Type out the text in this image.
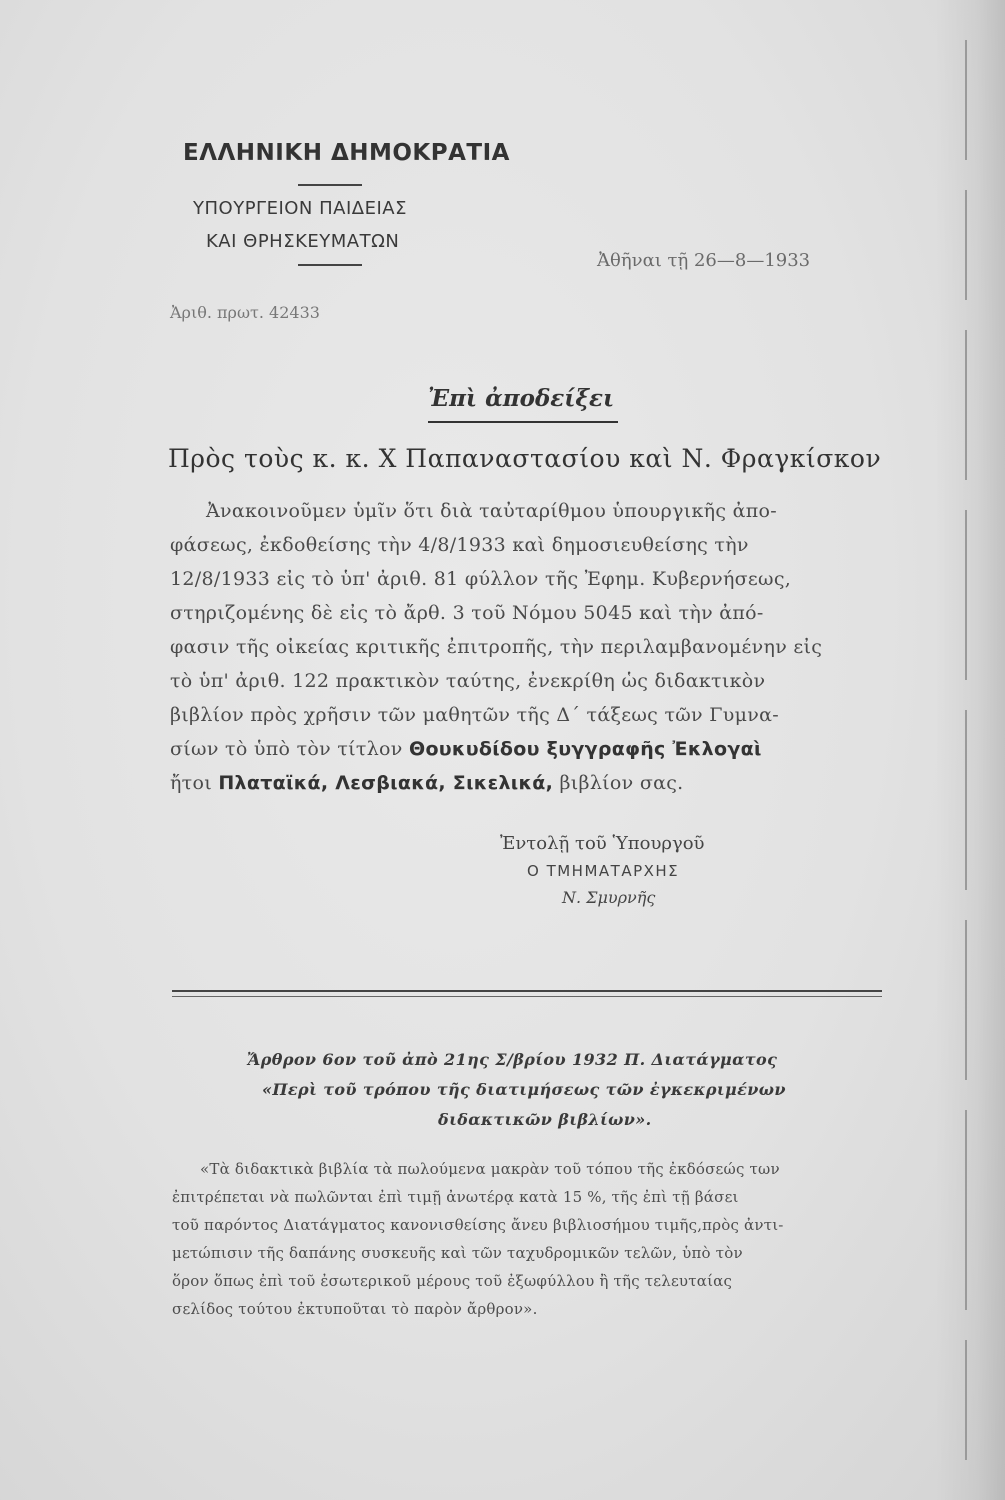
ΕΛΛΗΝΙΚΗ ΔΗΜΟΚΡΑΤΙΑ
ΥΠΟΥΡΓΕΙΟΝ ΠΑΙΔΕΙΑΣ
ΚΑΙ ΘΡΗΣΚΕΥΜΑΤΩΝ
Ἀθῆναι τῇ 26—8—1933
Ἀριθ. πρωτ. 42433
Ἐπὶ ἀποδείξει
Πρὸς τοὺς κ. κ. Χ Παπαναστασίου καὶ Ν. Φραγκίσκον
Ἀνακοινοῦμεν ὑμῖν ὅτι διὰ ταὐταρίθμου ὑπουργικῆς ἀπο-
φάσεως, ἐκδοθείσης τὴν 4/8/1933 καὶ δημοσιευθείσης τὴν
12/8/1933 εἰς τὸ ὑπ' ἀριθ. 81 φύλλον τῆς Ἐφημ. Κυβερνήσεως,
στηριζομένης δὲ εἰς τὸ ἄρθ. 3 τοῦ Νόμου 5045 καὶ τὴν ἀπό-
φασιν τῆς οἰκείας κριτικῆς ἐπιτροπῆς, τὴν περιλαμβανομένην εἰς
τὸ ὑπ' ἀριθ. 122 πρακτικὸν ταύτης, ἐνεκρίθη ὡς διδακτικὸν
βιβλίον πρὸς χρῆσιν τῶν μαθητῶν τῆς Δ΄ τάξεως τῶν Γυμνα-
σίων τὸ ὑπὸ τὸν τίτλον Θουκυδίδου ξυγγραφῆς Ἐκλογαὶ
ἤτοι Πλαταϊκά, Λεσβιακά, Σικελικά, βιβλίον σας.
Ἐντολῇ τοῦ Ὑπουργοῦ
Ο ΤΜΗΜΑΤΑΡΧΗΣ
Ν. Σμυρνῆς
Ἄρθρον 6ον τοῦ ἀπὸ 21ης Σ/βρίου 1932 Π. Διατάγματος
«Περὶ τοῦ τρόπου τῆς διατιμήσεως τῶν ἐγκεκριμένων
διδακτικῶν βιβλίων».
«Τὰ διδακτικὰ βιβλία τὰ πωλούμενα μακρὰν τοῦ τόπου τῆς ἐκδόσεώς των
ἐπιτρέπεται νὰ πωλῶνται ἐπὶ τιμῇ ἀνωτέρᾳ κατὰ 15 %, τῆς ἐπὶ τῇ βάσει
τοῦ παρόντος Διατάγματος κανονισθείσης ἄνευ βιβλιοσήμου τιμῆς,πρὸς ἀντι-
μετώπισιν τῆς δαπάνης συσκευῆς καὶ τῶν ταχυδρομικῶν τελῶν, ὑπὸ τὸν
ὅρον ὅπως ἐπὶ τοῦ ἐσωτερικοῦ μέρους τοῦ ἐξωφύλλου ἢ τῆς τελευταίας
σελίδος τούτου ἐκτυποῦται τὸ παρὸν ἄρθρον».
